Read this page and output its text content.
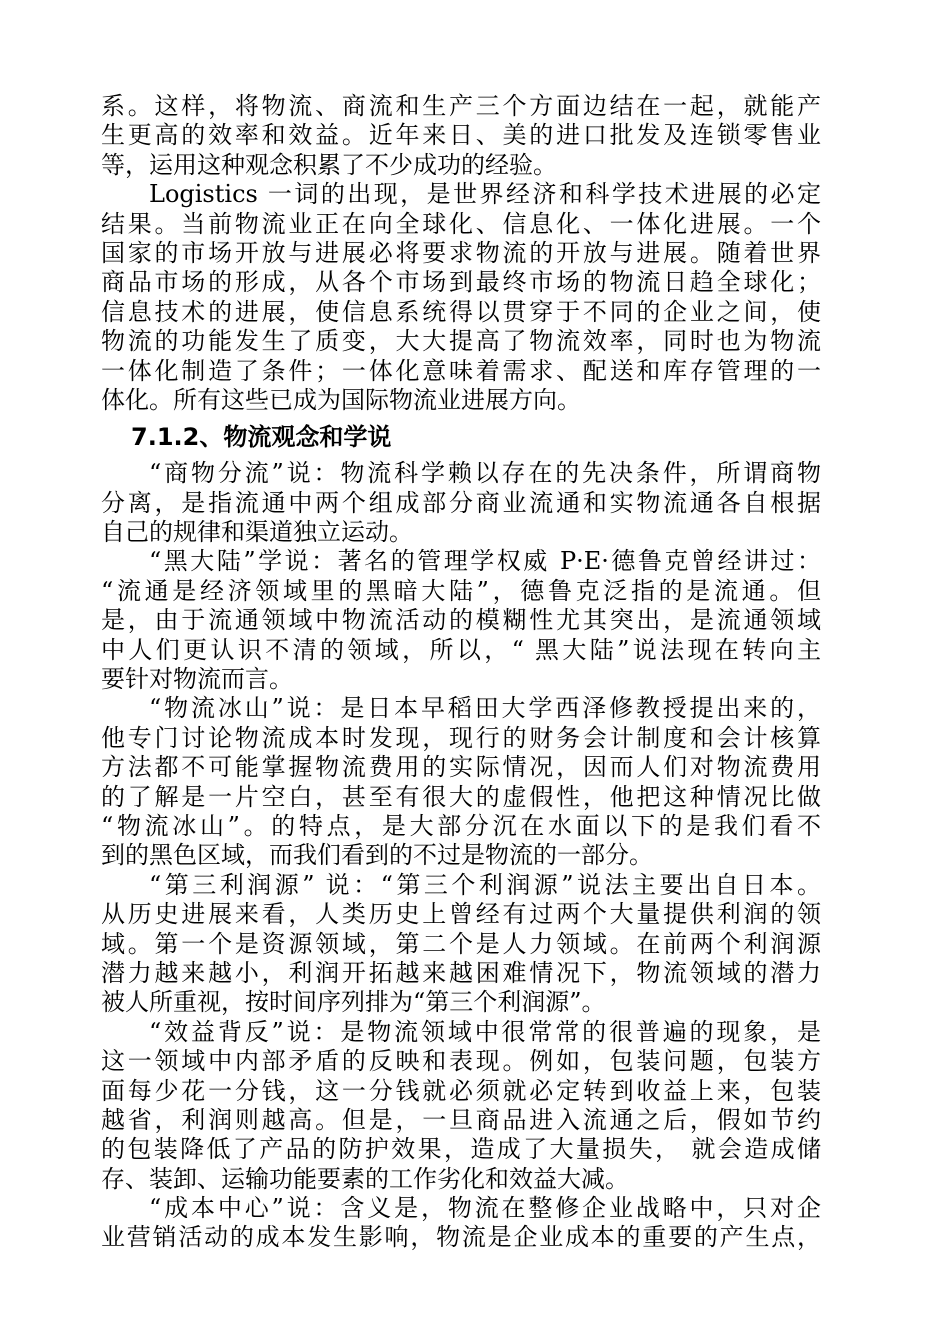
系。这样，将物流、商流和生产三个方面边结在一起，就能产
生更高的效率和效益。近年来日、美的进口批发及连锁零售业
等，运用这种观念积累了不少成功的经验。
Logistics 一词的出现，是世界经济和科学技术进展的必定
结果。当前物流业正在向全球化、信息化、一体化进展。一个
国家的市场开放与进展必将要求物流的开放与进展。随着世界
商品市场的形成，从各个市场到最终市场的物流日趋全球化；
信息技术的进展，使信息系统得以贯穿于不同的企业之间，使
物流的功能发生了质变，大大提高了物流效率，同时也为物流
一体化制造了条件；一体化意味着需求、配送和库存管理的一
体化。所有这些已成为国际物流业进展方向。
7.1.2、物流观念和学说
“商物分流”说：物流科学赖以存在的先决条件，所谓商物
分离，是指流通中两个组成部分商业流通和实物流通各自根据
自己的规律和渠道独立运动。
“黑大陆”学说：著名的管理学权威 P·E·德鲁克曾经讲过：
“流通是经济领域里的黑暗大陆”，德鲁克泛指的是流通。但
是，由于流通领域中物流活动的模糊性尤其突出，是流通领域
中人们更认识不清的领域，所以，“ 黑大陆”说法现在转向主
要针对物流而言。
“物流冰山”说：是日本早稻田大学西泽修教授提出来的，
他专门讨论物流成本时发现，现行的财务会计制度和会计核算
方法都不可能掌握物流费用的实际情况，因而人们对物流费用
的了解是一片空白，甚至有很大的虚假性，他把这种情况比做
“物流冰山”。的特点，是大部分沉在水面以下的是我们看不
到的黑色区域，而我们看到的不过是物流的一部分。
“第三利润源” 说：“第三个利润源”说法主要出自日本。
从历史进展来看，人类历史上曾经有过两个大量提供利润的领
域。第一个是资源领域，第二个是人力领域。在前两个利润源
潜力越来越小，利润开拓越来越困难情况下，物流领域的潜力
被人所重视，按时间序列排为“第三个利润源”。
“效益背反”说：是物流领域中很常常的很普遍的现象，是
这一领域中内部矛盾的反映和表现。例如，包装问题，包装方
面每少花一分钱，这一分钱就必须就必定转到收益上来，包装
越省，利润则越高。但是，一旦商品进入流通之后，假如节约
的包装降低了产品的防护效果，造成了大量损失， 就会造成储
存、装卸、运输功能要素的工作劣化和效益大减。
“成本中心”说：含义是，物流在整修企业战略中，只对企
业营销活动的成本发生影响，物流是企业成本的重要的产生点，
